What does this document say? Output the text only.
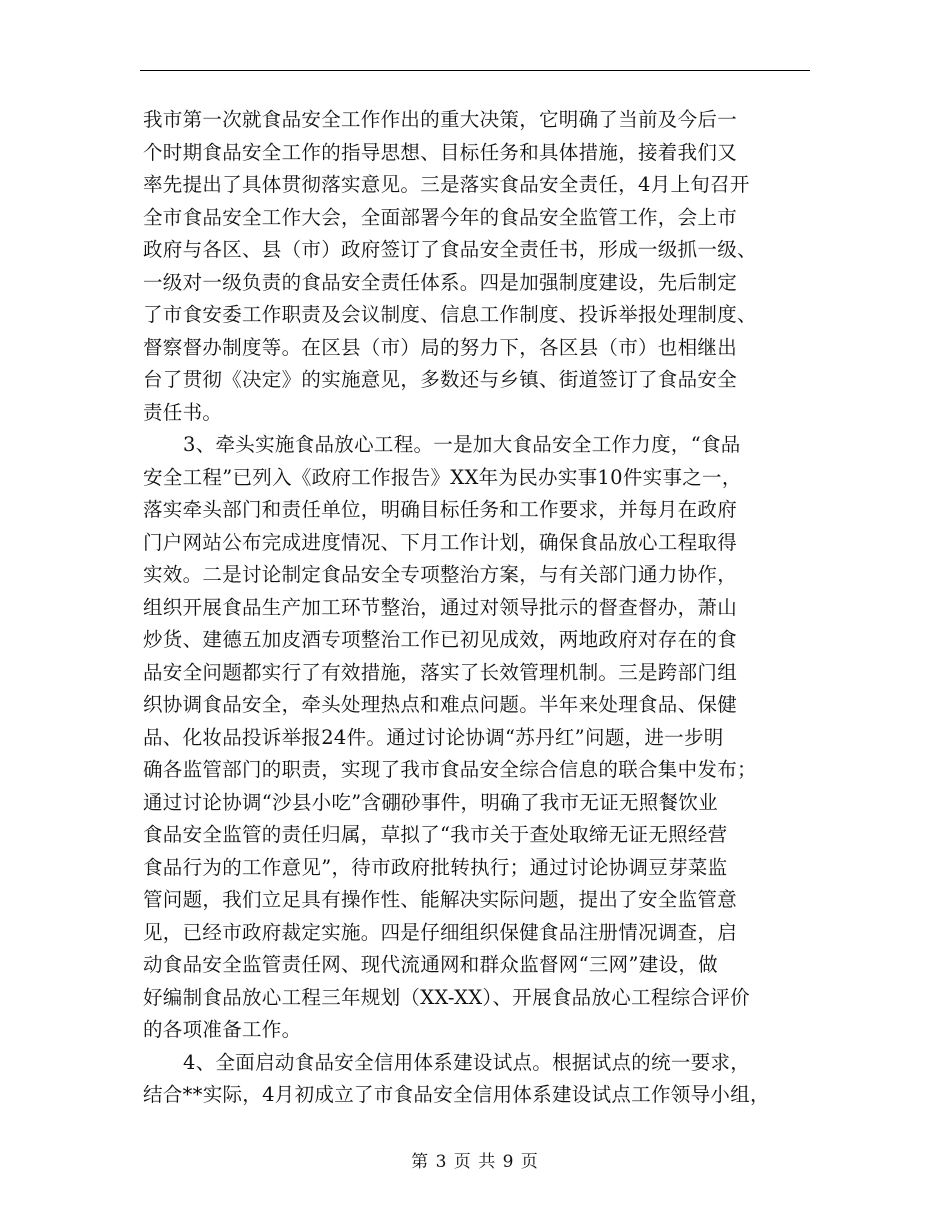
我市第一次就食品安全工作作出的重大决策，它明确了当前及今后一
个时期食品安全工作的指导思想、目标任务和具体措施，接着我们又
率先提出了具体贯彻落实意见。三是落实食品安全责任，4月上旬召开
全市食品安全工作大会，全面部署今年的食品安全监管工作，会上市
政府与各区、县（市）政府签订了食品安全责任书，形成一级抓一级、
一级对一级负责的食品安全责任体系。四是加强制度建设，先后制定
了市食安委工作职责及会议制度、信息工作制度、投诉举报处理制度、
督察督办制度等。在区县（市）局的努力下，各区县（市）也相继出
台了贯彻《决定》的实施意见，多数还与乡镇、街道签订了食品安全
责任书。
3、牵头实施食品放心工程。一是加大食品安全工作力度，“食品
安全工程”已列入《政府工作报告》XX年为民办实事10件实事之一，
落实牵头部门和责任单位，明确目标任务和工作要求，并每月在政府
门户网站公布完成进度情况、下月工作计划，确保食品放心工程取得
实效。二是讨论制定食品安全专项整治方案，与有关部门通力协作，
组织开展食品生产加工环节整治，通过对领导批示的督查督办，萧山
炒货、建德五加皮酒专项整治工作已初见成效，两地政府对存在的食
品安全问题都实行了有效措施，落实了长效管理机制。三是跨部门组
织协调食品安全，牵头处理热点和难点问题。半年来处理食品、保健
品、化妆品投诉举报24件。通过讨论协调“苏丹红”问题，进一步明
确各监管部门的职责，实现了我市食品安全综合信息的联合集中发布；
通过讨论协调“沙县小吃”含硼砂事件，明确了我市无证无照餐饮业
食品安全监管的责任归属，草拟了“我市关于查处取缔无证无照经营
食品行为的工作意见”，待市政府批转执行；通过讨论协调豆芽菜监
管问题，我们立足具有操作性、能解决实际问题，提出了安全监管意
见，已经市政府裁定实施。四是仔细组织保健食品注册情况调查，启
动食品安全监管责任网、现代流通网和群众监督网“三网”建设，做
好编制食品放心工程三年规划（XX-XX）、开展食品放心工程综合评价
的各项准备工作。
4、全面启动食品安全信用体系建设试点。根据试点的统一要求，
结合**实际，4月初成立了市食品安全信用体系建设试点工作领导小组，
第 3 页 共 9 页
